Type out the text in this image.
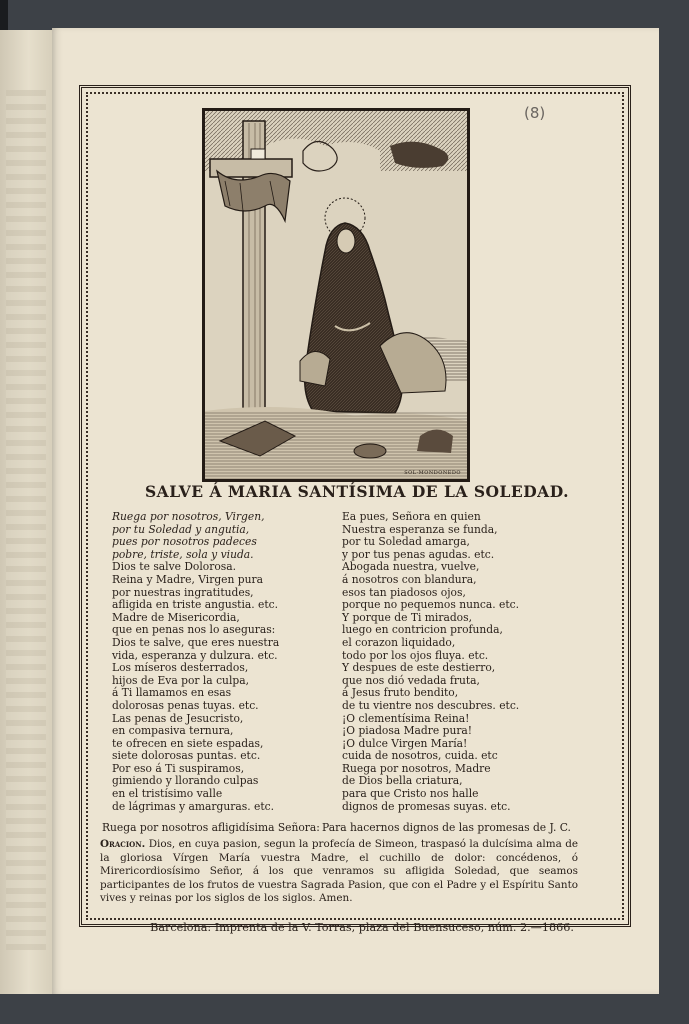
(8)
SOL·MONDONEDO
SALVE Á MARIA SANTÍSIMA DE LA SOLEDAD.
Ruega por nosotros, Virgen,
por tu Soledad y angutia,
pues por nosotros padeces
pobre, triste, sola y viuda.
Dios te salve Dolorosa.
Reina y Madre, Virgen pura
por nuestras ingratitudes,
afligida en triste angustia. etc.
Madre de Misericordia,
que en penas nos lo aseguras:
Dios te salve, que eres nuestra
vida, esperanza y dulzura. etc.
Los míseros desterrados,
hijos de Eva por la culpa,
á Ti llamamos en esas
dolorosas penas tuyas. etc.
Las penas de Jesucristo,
en compasiva ternura,
te ofrecen en siete espadas,
siete dolorosas puntas. etc.
Por eso á Ti suspiramos,
gimiendo y llorando culpas
en el tristísimo valle
de lágrimas y amarguras. etc.
Ea pues, Señora en quien
Nuestra esperanza se funda,
por tu Soledad amarga,
y por tus penas agudas. etc.
Abogada nuestra, vuelve,
á nosotros con blandura,
esos tan piadosos ojos,
porque no pequemos nunca. etc.
Y porque de Ti mirados,
luego en contricion profunda,
el corazon liquidado,
todo por los ojos fluya. etc.
Y despues de este destierro,
que nos dió vedada fruta,
á Jesus fruto bendito,
de tu vientre nos descubres. etc.
¡O clementísima Reina!
¡O piadosa Madre pura!
¡O dulce Virgen María!
cuida de nosotros, cuida. etc
Ruega por nosotros, Madre
de Dios bella criatura,
para que Cristo nos halle
dignos de promesas suyas. etc.
Ruega por nosotros afligidísima Señora: Para hacernos dignos de las promesas de J. C.
Oracion. Dios, en cuya pasion, segun la profecía de Simeon, traspasó la dulcísima alma de la gloriosa Vírgen María vuestra Madre, el cuchillo de dolor: concédenos, ó Mirericordiosísimo Señor, á los que venramos su afligida Soledad, que seamos participantes de los frutos de vuestra Sagrada Pasion, que con el Padre y el Espíritu Santo vives y reinas por los siglos de los siglos. Amen.
Barcelona: Imprenta de la V. Torras, plaza del Buensuceso, núm. 2.—1866.
